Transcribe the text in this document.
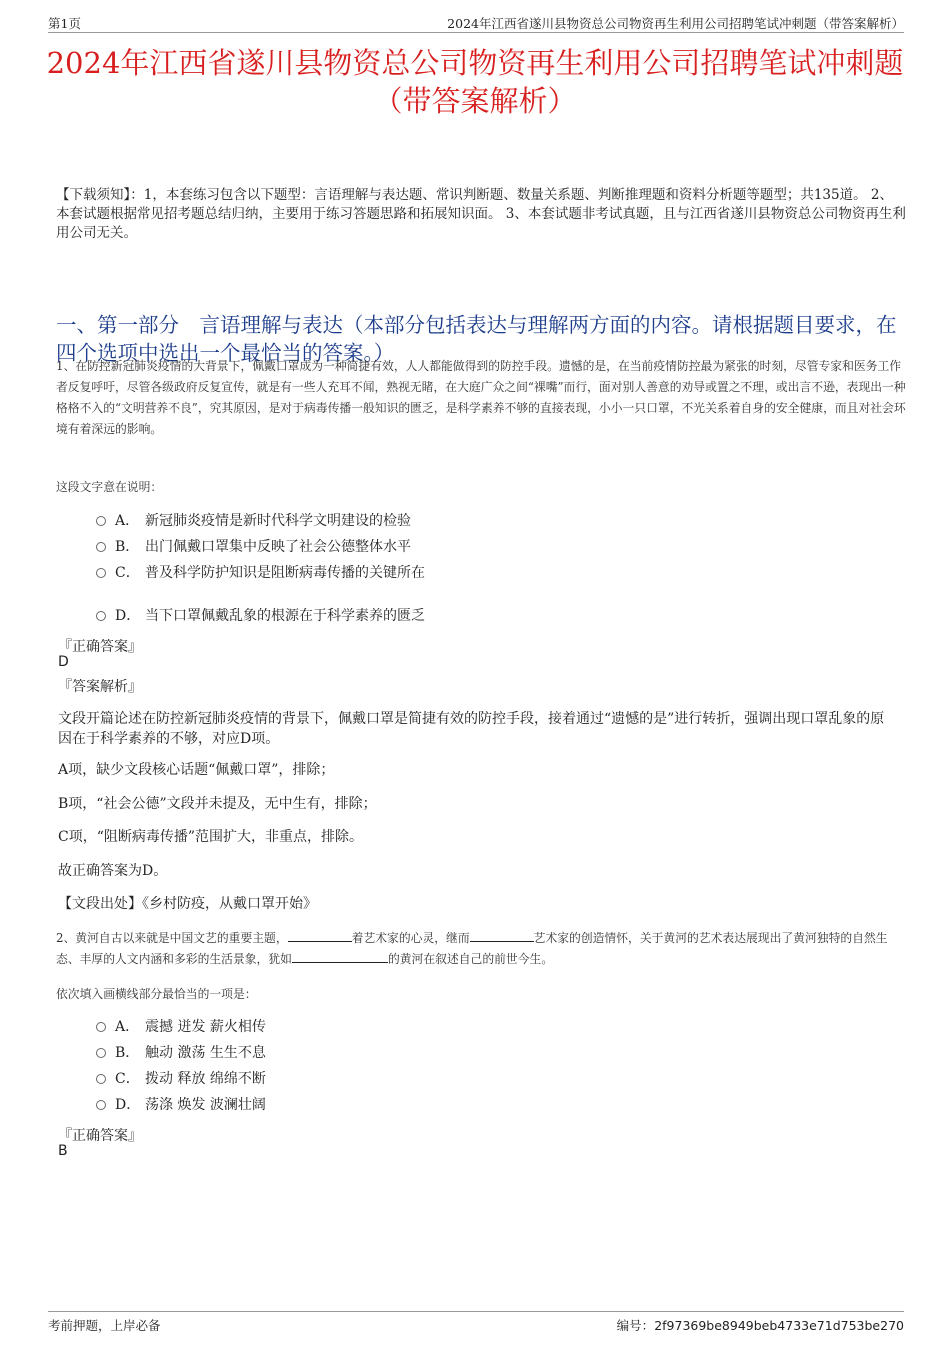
第1页	2024年江西省遂川县物资总公司物资再生利用公司招聘笔试冲刺题（带答案解析）
2024年江西省遂川县物资总公司物资再生利用公司招聘笔试冲刺题（带答案解析）
【下载须知】：1，本套练习包含以下题型：言语理解与表达题、常识判断题、数量关系题、判断推理题和资料分析题等题型；共135道。 2、本套试题根据常见招考题总结归纳，主要用于练习答题思路和拓展知识面。 3、本套试题非考试真题，且与江西省遂川县物资总公司物资再生利用公司无关。
一、第一部分　言语理解与表达（本部分包括表达与理解两方面的内容。请根据题目要求，在四个选项中选出一个最恰当的答案。）
1、在防控新冠肺炎疫情的大背景下，佩戴口罩成为一种简捷有效，人人都能做得到的防控手段。遗憾的是，在当前疫情防控最为紧张的时刻，尽管专家和医务工作者反复呼吁，尽管各级政府反复宣传，就是有一些人充耳不闻，熟视无睹，在大庭广众之间“裸嘴”而行，面对别人善意的劝导或置之不理，或出言不逊，表现出一种格格不入的“文明营养不良”，究其原因，是对于病毒传播一般知识的匮乏，是科学素养不够的直接表现，小小一只口罩，不光关系着自身的安全健康，而且对社会环境有着深远的影响。
这段文字意在说明：
A． 新冠肺炎疫情是新时代科学文明建设的检验
B． 出门佩戴口罩集中反映了社会公德整体水平
C． 普及科学防护知识是阻断病毒传播的关键所在
D． 当下口罩佩戴乱象的根源在于科学素养的匮乏
『正确答案』
D
『答案解析』
文段开篇论述在防控新冠肺炎疫情的背景下，佩戴口罩是简捷有效的防控手段，接着通过“遗憾的是”进行转折，强调出现口罩乱象的原因在于科学素养的不够，对应D项。
A项，缺少文段核心话题“佩戴口罩”，排除；
B项，“社会公德”文段并未提及，无中生有，排除；
C项，“阻断病毒传播”范围扩大，非重点，排除。
故正确答案为D。
【文段出处】《乡村防疫，从戴口罩开始》
2、黄河自古以来就是中国文艺的重要主题，	着艺术家的心灵，继而	艺术家的创造情怀，关于黄河的艺术表达展现出了黄河独特的自然生态、丰厚的人文内涵和多彩的生活景象，犹如	的黄河在叙述自己的前世今生。
依次填入画横线部分最恰当的一项是：
A． 震撼 迸发 薪火相传
B． 触动 激荡 生生不息
C． 拨动 释放 绵绵不断
D． 荡涤 焕发 波澜壮阔
『正确答案』
B
考前押题，上岸必备	编号：2f97369be8949beb4733e71d753be270
